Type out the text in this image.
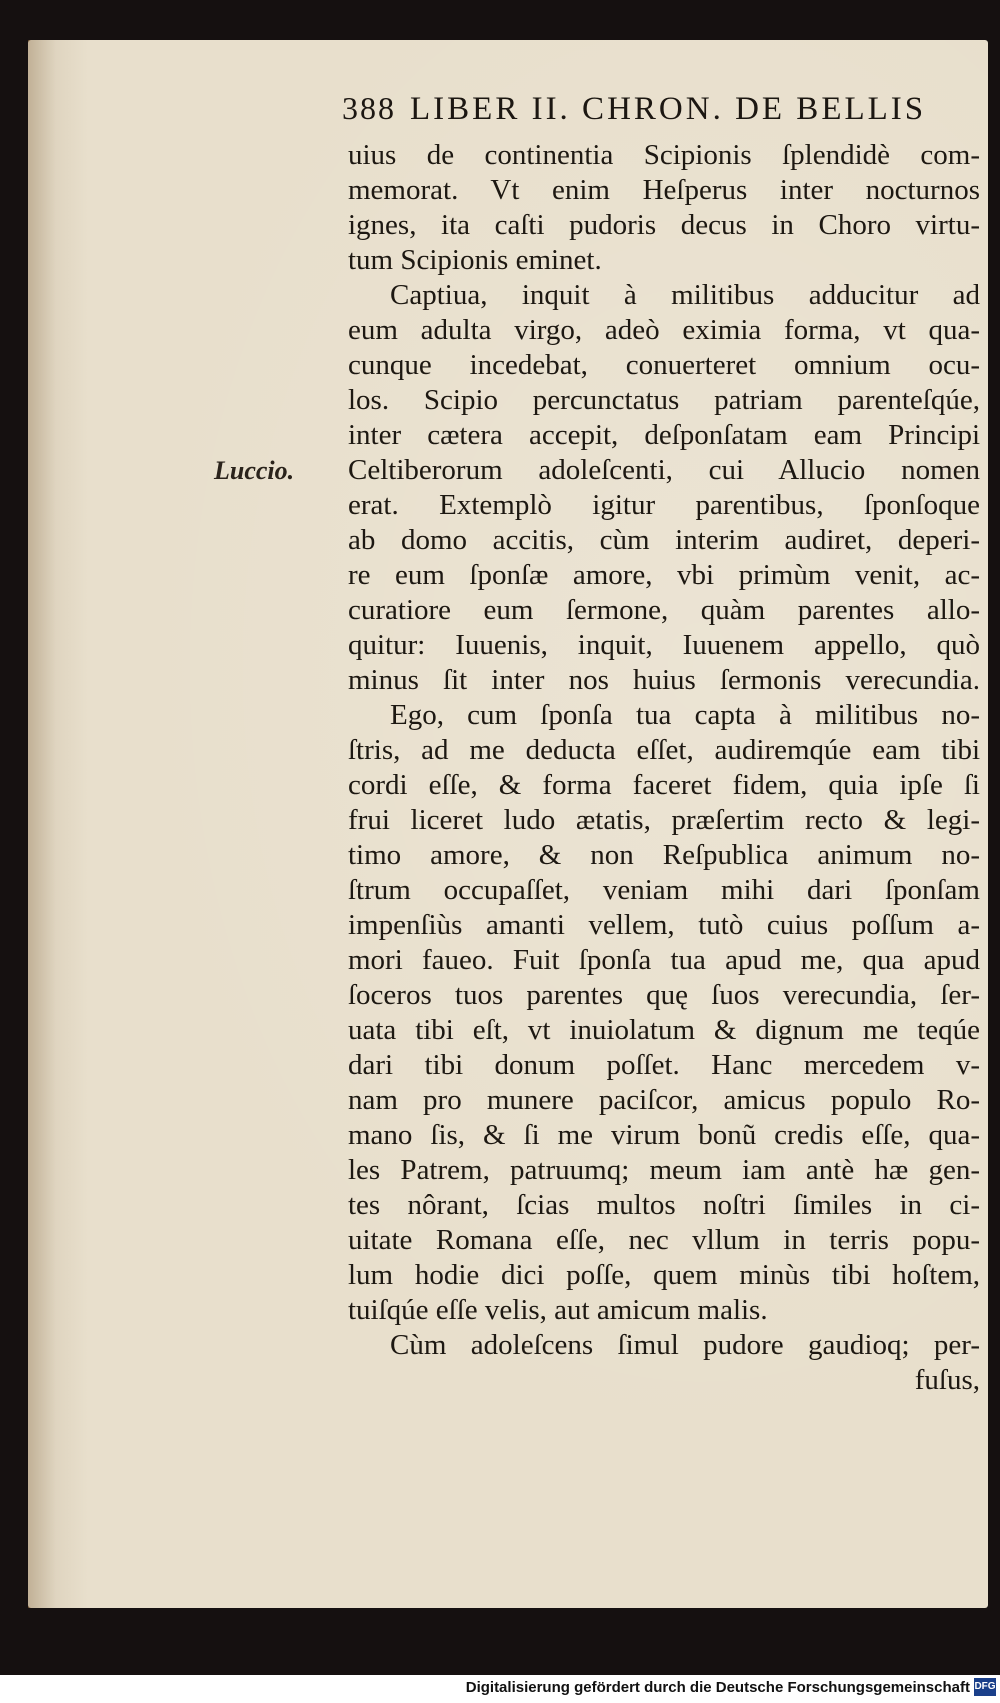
388 LIBER II. CHRON. DE BELLIS
Luccio.
uius de continentia Scipionis ſplendidè com-
memorat. Vt enim Heſperus inter nocturnos
ignes, ita caſti pudoris decus in Choro virtu-
tum Scipionis eminet.
Captiua, inquit à militibus adducitur ad
eum adulta virgo, adeò eximia forma, vt qua-
cunque incedebat, conuerteret omnium ocu-
los. Scipio percunctatus patriam parenteſqúe,
inter cætera accepit, deſponſatam eam Principi
Celtiberorum adoleſcenti, cui Allucio nomen
erat. Extemplò igitur parentibus, ſponſoque
ab domo accitis, cùm interim audiret, deperi-
re eum ſponſæ amore, vbi primùm venit, ac-
curatiore eum ſermone, quàm parentes allo-
quitur: Iuuenis, inquit, Iuuenem appello, quò
minus ſit inter nos huius ſermonis verecundia.
Ego, cum ſponſa tua capta à militibus no-
ſtris, ad me deducta eſſet, audiremqúe eam tibi
cordi eſſe, & forma faceret fidem, quia ipſe ſi
frui liceret ludo ætatis, præſertim recto & legi-
timo amore, & non Reſpublica animum no-
ſtrum occupaſſet, veniam mihi dari ſponſam
impenſiùs amanti vellem, tutò cuius poſſum a-
mori faueo. Fuit ſponſa tua apud me, qua apud
ſoceros tuos parentes quę ſuos verecundia, ſer-
uata tibi eſt, vt inuiolatum & dignum me teqúe
dari tibi donum poſſet. Hanc mercedem v-
nam pro munere paciſcor, amicus populo Ro-
mano ſis, & ſi me virum bonũ credis eſſe, qua-
les Patrem, patruumq; meum iam antè hæ gen-
tes nôrant, ſcias multos noſtri ſimiles in ci-
uitate Romana eſſe, nec vllum in terris popu-
lum hodie dici poſſe, quem minùs tibi hoſtem,
tuiſqúe eſſe velis, aut amicum malis.
Cùm adoleſcens ſimul pudore gaudioq; per-
fuſus,
Digitalisierung gefördert durch die Deutsche Forschungsgemeinschaft DFG
